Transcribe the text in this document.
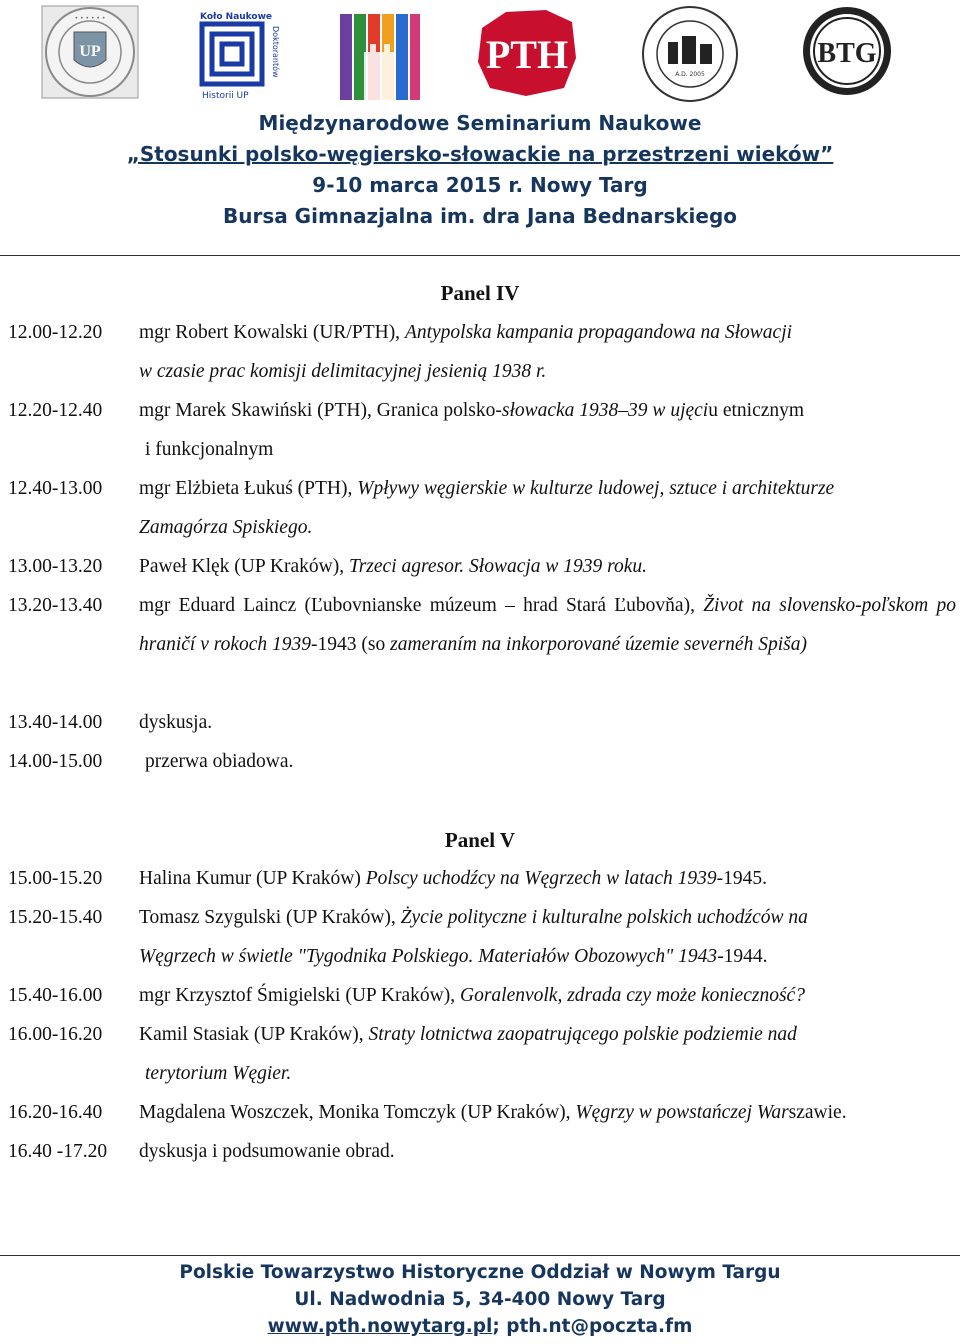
UP
• • • • • •	Koło Naukowe
Doktorantów
Historii UP
PTH	A.D. 2005
BTG
Międzynarodowe Seminarium Naukowe
„Stosunki polsko-węgiersko-słowackie na przestrzeni wieków”
9-10 marca 2015 r. Nowy Targ
Bursa Gimnazjalna im. dra Jana Bednarskiego
Panel IV
12.00-12.20	mgr Robert Kowalski (UR/PTH), Antypolska kampania propagandowa na Słowacji
w czasie prac komisji delimitacyjnej jesienią 1938 r.
12.20-12.40	mgr Marek Skawiński (PTH), Granica polsko-słowacka 1938–39 w ujęciu etnicznym
i funkcjonalnym
12.40-13.00	mgr Elżbieta Łukuś (PTH), Wpływy węgierskie w kulturze ludowej, sztuce i architekturze
Zamagórza Spiskiego.
13.00-13.20	Paweł Klęk (UP Kraków), Trzeci agresor. Słowacja w 1939 roku.
13.20-13.40	mgr Eduard Laincz (Ľubovnianske múzeum – hrad Stará Ľubovňa), Život na slovensko-poľskom po hraničí v rokoch 1939-1943 (so zameraním na inkorporované územie severnéh Spiša)
13.40-14.00	dyskusja.
14.00-15.00	przerwa obiadowa.
Panel V
15.00-15.20	Halina Kumur (UP Kraków) Polscy uchodźcy na Węgrzech w latach 1939-1945.
15.20-15.40	Tomasz Szygulski (UP Kraków), Życie polityczne i kulturalne polskich uchodźców na
Węgrzech w świetle "Tygodnika Polskiego. Materiałów Obozowych" 1943-1944.
15.40-16.00	mgr Krzysztof Śmigielski (UP Kraków), Goralenvolk, zdrada czy może konieczność?
16.00-16.20	Kamil Stasiak (UP Kraków), Straty lotnictwa zaopatrującego polskie podziemie nad
terytorium Węgier.
16.20-16.40	Magdalena Woszczek, Monika Tomczyk (UP Kraków), Węgrzy w powstańczej Warszawie.
16.40 -17.20	dyskusja i podsumowanie obrad.
Polskie Towarzystwo Historyczne Oddział w Nowym Targu
Ul. Nadwodnia 5, 34-400 Nowy Targ
www.pth.nowytarg.pl; pth.nt@poczta.fm
